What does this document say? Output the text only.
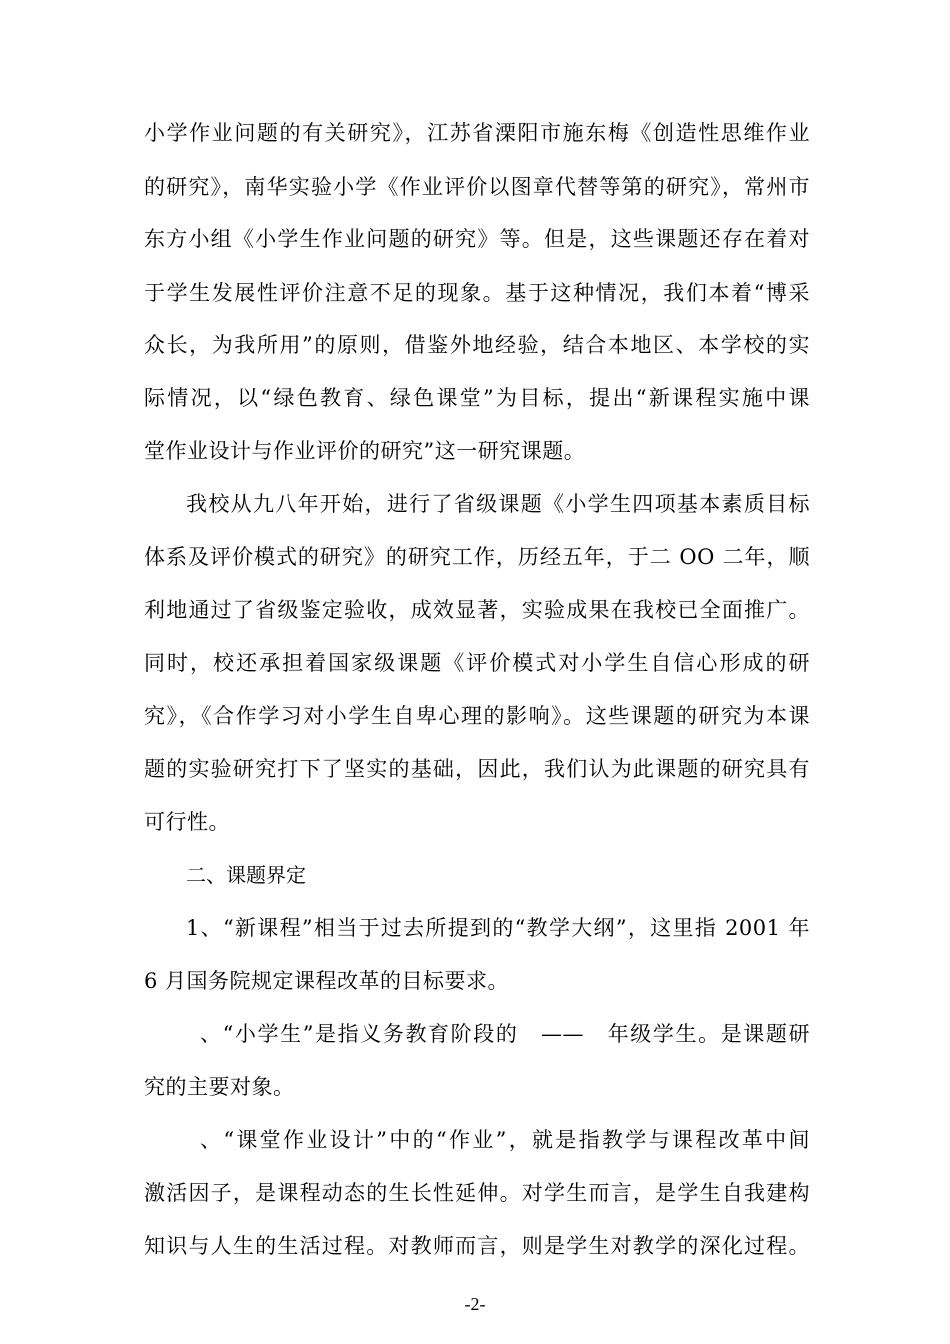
小学作业问题的有关研究》，江苏省溧阳市施东梅《创造性思维作业
的研究》，南华实验小学《作业评价以图章代替等第的研究》，常州市
东方小组《小学生作业问题的研究》等。但是，这些课题还存在着对
于学生发展性评价注意不足的现象。基于这种情况，我们本着“博采
众长，为我所用”的原则，借鉴外地经验，结合本地区、本学校的实
际情况，以“绿色教育、绿色课堂”为目标，提出“新课程实施中课
堂作业设计与作业评价的研究”这一研究课题。
我校从九八年开始，进行了省级课题《小学生四项基本素质目标
体系及评价模式的研究》的研究工作，历经五年，于二 OO 二年，顺
利地通过了省级鉴定验收，成效显著，实验成果在我校已全面推广。
同时，校还承担着国家级课题《评价模式对小学生自信心形成的研
究》，《合作学习对小学生自卑心理的影响》。这些课题的研究为本课
题的实验研究打下了坚实的基础，因此，我们认为此课题的研究具有
可行性。
二、课题界定
1、“新课程”相当于过去所提到的“教学大纲”，这里指 2001 年
6 月国务院规定课程改革的目标要求。
、“小学生”是指义务教育阶段的　——　年级学生。是课题研
究的主要对象。
、“课堂作业设计”中的“作业”，就是指教学与课程改革中间
激活因子，是课程动态的生长性延伸。对学生而言，是学生自我建构
知识与人生的生活过程。对教师而言，则是学生对教学的深化过程。
-2-
